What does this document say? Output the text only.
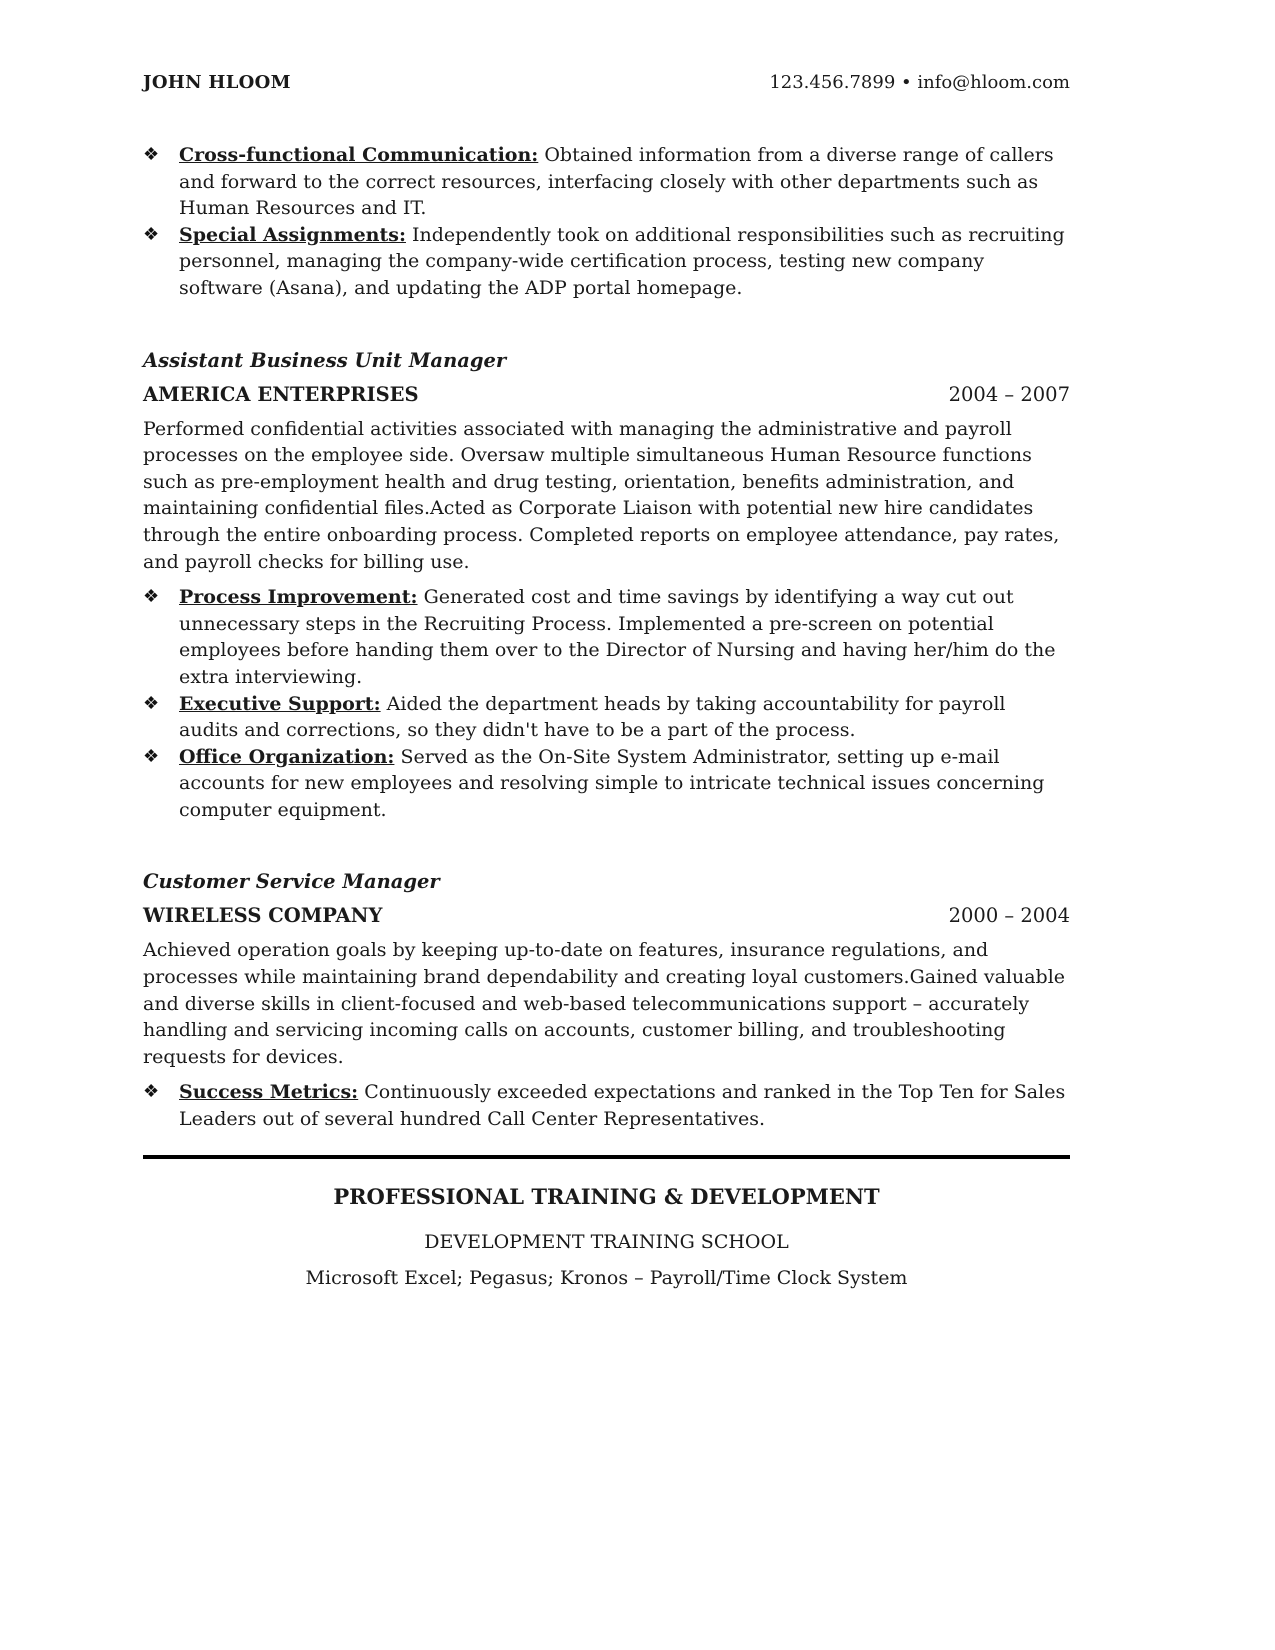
JOHN HLOOM	123.456.7899 • info@hloom.com
❖	Cross-functional Communication: Obtained information from a diverse range of callers and forward to the correct resources, interfacing closely with other departments such as Human Resources and IT.
❖	Special Assignments: Independently took on additional responsibilities such as recruiting personnel, managing the company-wide certification process, testing new company software (Asana), and updating the ADP portal homepage.
Assistant Business Unit Manager
AMERICA ENTERPRISES	2004 – 2007

Performed confidential activities associated with managing the administrative and payroll processes on the employee side. Oversaw multiple simultaneous Human Resource functions such as pre-employment health and drug testing, orientation, benefits administration, and maintaining confidential files.Acted as Corporate Liaison with potential new hire candidates through the entire onboarding process. Completed reports on employee attendance, pay rates, and payroll checks for billing use.

❖	Process Improvement: Generated cost and time savings by identifying a way cut out unnecessary steps in the Recruiting Process. Implemented a pre-screen on potential employees before handing them over to the Director of Nursing and having her/him do the extra interviewing.
❖	Executive Support: Aided the department heads by taking accountability for payroll audits and corrections, so they didn't have to be a part of the process.
❖	Office Organization: Served as the On-Site System Administrator, setting up e-mail accounts for new employees and resolving simple to intricate technical issues concerning computer equipment.
Customer Service Manager
WIRELESS COMPANY	2000 – 2004

Achieved operation goals by keeping up-to-date on features, insurance regulations, and processes while maintaining brand dependability and creating loyal customers.Gained valuable and diverse skills in client-focused and web-based telecommunications support – accurately handling and servicing incoming calls on accounts, customer billing, and troubleshooting requests for devices.

❖	Success Metrics: Continuously exceeded expectations and ranked in the Top Ten for Sales Leaders out of several hundred Call Center Representatives.
PROFESSIONAL TRAINING & DEVELOPMENT
DEVELOPMENT TRAINING SCHOOL
Microsoft Excel; Pegasus; Kronos – Payroll/Time Clock System
